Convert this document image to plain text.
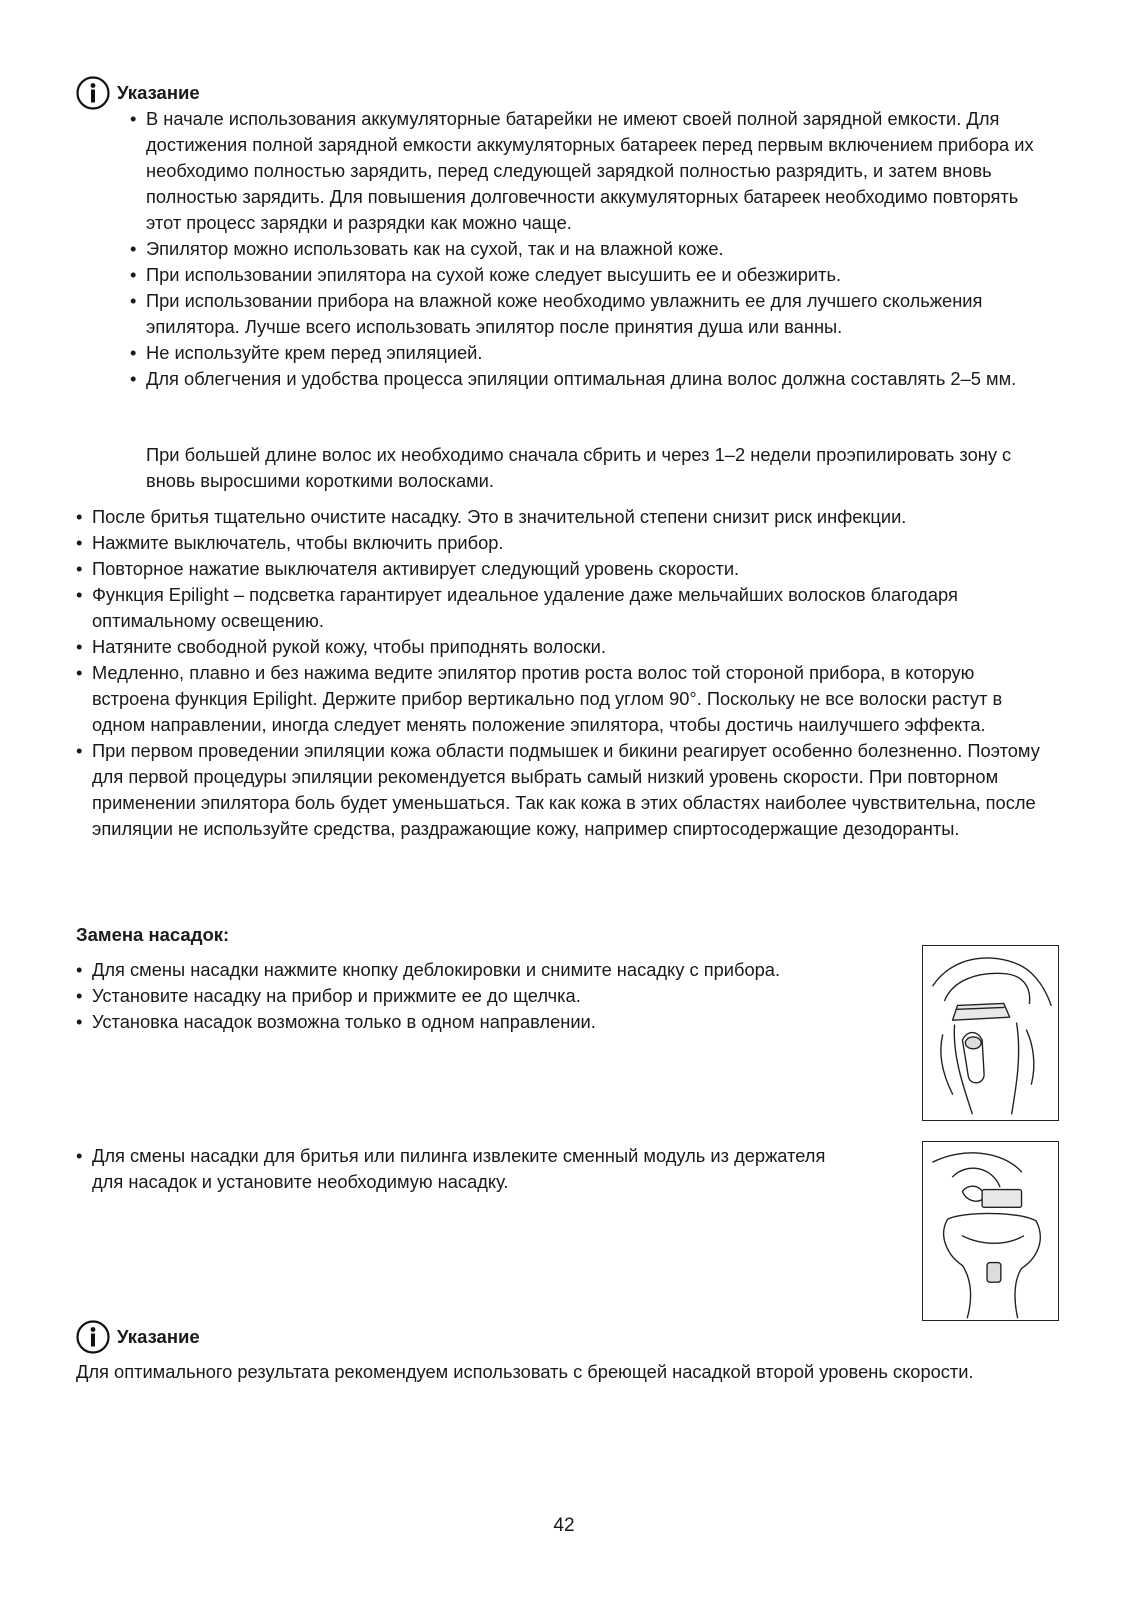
Указание
• В начале использования аккумуляторные батарейки не имеют своей полной зарядной емкости. Для достижения полной зарядной емкости аккумуляторных батареек перед первым включением прибора их необходимо полностью зарядить, перед следующей зарядкой полностью разрядить, и затем вновь полностью зарядить. Для повышения долговечности аккумуляторных батареек необходимо повторять этот процесс зарядки и разрядки как можно чаще.
• Эпилятор можно использовать как на сухой, так и на влажной коже.
• При использовании эпилятора на сухой коже следует высушить ее и обезжирить.
• При использовании прибора на влажной коже необходимо увлажнить ее для лучшего скольжения эпилятора. Лучше всего использовать эпилятор после принятия душа или ванны.
• Не используйте крем перед эпиляцией.
• Для облегчения и удобства процесса эпиляции оптимальная длина волос должна составлять 2–5 мм.
При большей длине волос их необходимо сначала сбрить и через 1–2 недели проэпилировать зону с вновь выросшими короткими волосками.
• После бритья тщательно очистите насадку. Это в значительной степени снизит риск инфекции.
• Нажмите выключатель, чтобы включить прибор.
• Повторное нажатие выключателя активирует следующий уровень скорости.
• Функция Epilight – подсветка гарантирует идеальное удаление даже мельчайших волосков благодаря оптимальному освещению.
• Натяните свободной рукой кожу, чтобы приподнять волоски.
• Медленно, плавно и без нажима ведите эпилятор против роста волос той стороной прибора, в которую встроена функция Epilight. Держите прибор вертикально под углом 90°. Поскольку не все волоски растут в одном направлении, иногда следует менять положение эпилятора, чтобы достичь наилучшего эффекта.
• При первом проведении эпиляции кожа области подмышек и бикини реагирует особенно болезненно. Поэтому для первой процедуры эпиляции рекомендуется выбрать самый низкий уровень скорости. При повторном применении эпилятора боль будет уменьшаться. Так как кожа в этих областях наиболее чувствительна, после эпиляции не используйте средства, раздражающие кожу, например спиртосодержащие дезодоранты.
Замена насадок:
• Для смены насадки нажмите кнопку деблокировки и снимите насадку с прибора.
• Установите насадку на прибор и прижмите ее до щелчка.
• Установка насадок возможна только в одном направлении.
• Для смены насадки для бритья или пилинга извлеките сменный модуль из держателя для насадок и установите необходимую насадку.
Указание
Для оптимального результата рекомендуем использовать с бреющей насадкой второй уровень скорости.
42
